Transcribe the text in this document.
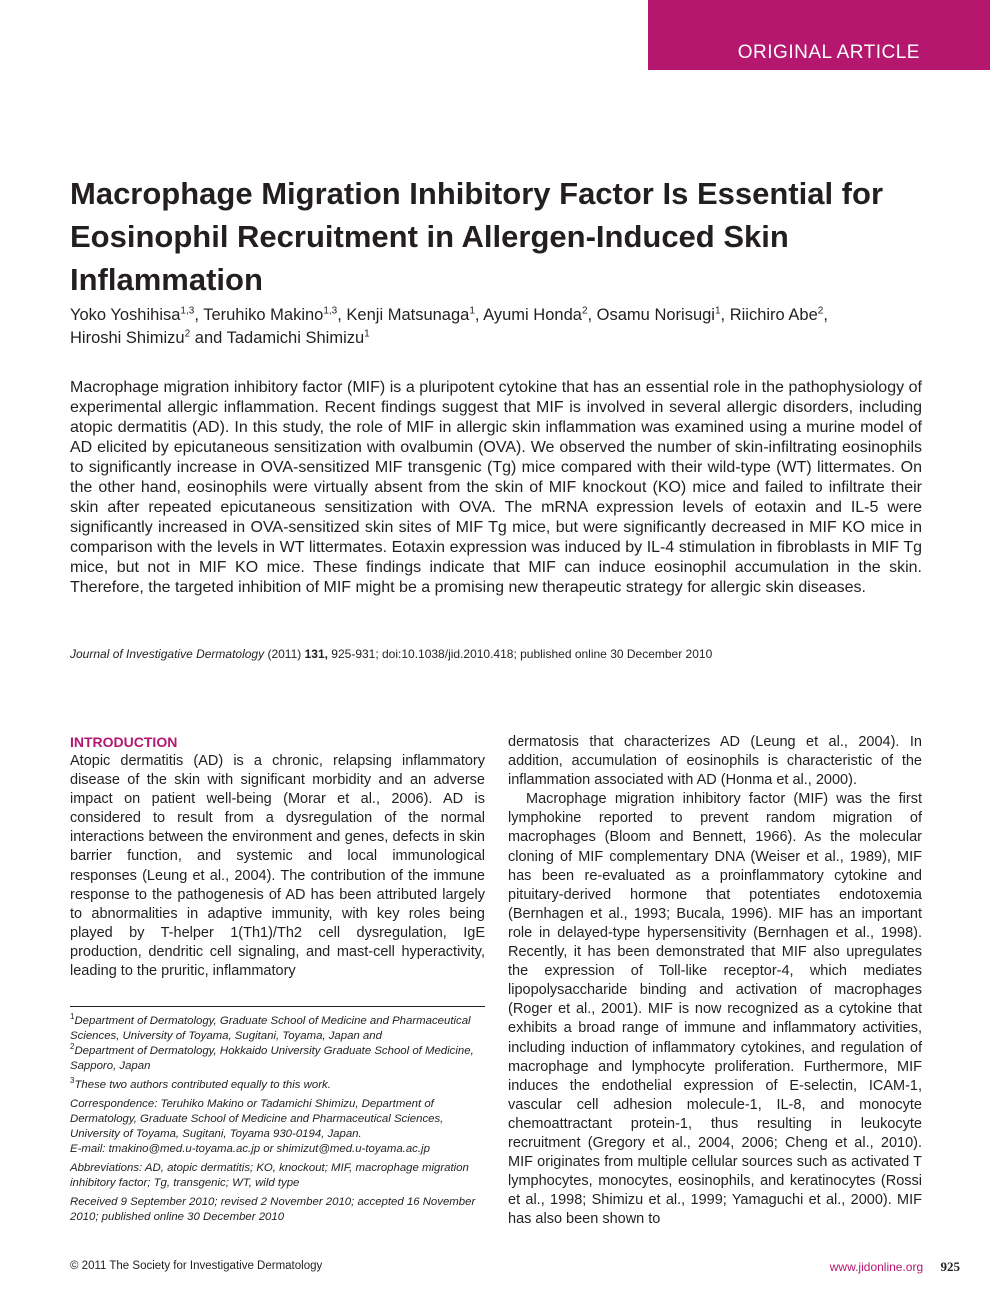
ORIGINAL ARTICLE
Macrophage Migration Inhibitory Factor Is Essential for Eosinophil Recruitment in Allergen-Induced Skin Inflammation

Yoko Yoshihisa$^{1,3}$, Teruhiko Makino$^{1,3}$, Kenji Matsunaga$^1$, Ayumi Honda$^2$, Osamu Norisugi$^1$, Riichiro Abe$^2$,
Hiroshi Shimizu$^2$ and Tadamichi Shimizu$^1$

Macrophage migration inhibitory factor (MIF) is a pluripotent cytokine that has an essential role in the pathophysiology of experimental allergic inflammation. Recent findings suggest that MIF is involved in several allergic disorders, including atopic dermatitis (AD). In this study, the role of MIF in allergic skin inflammation was examined using a murine model of AD elicited by epicutaneous sensitization with ovalbumin (OVA). We observed the number of skin-infiltrating eosinophils to significantly increase in OVA-sensitized MIF transgenic (Tg) mice compared with their wild-type (WT) littermates. On the other hand, eosinophils were virtually absent from the skin of MIF knockout (KO) mice and failed to infiltrate their skin after repeated epicutaneous sensitization with OVA. The mRNA expression levels of eotaxin and IL-5 were significantly increased in OVA-sensitized skin sites of MIF Tg mice, but were significantly decreased in MIF KO mice in comparison with the levels in WT littermates. Eotaxin expression was induced by IL-4 stimulation in fibroblasts in MIF Tg mice, but not in MIF KO mice. These findings indicate that MIF can induce eosinophil accumulation in the skin. Therefore, the targeted inhibition of MIF might be a promising new therapeutic strategy for allergic skin diseases.

Journal of Investigative Dermatology (2011) 131, 925-931; doi:10.1038/jid.2010.418; published online 30 December 2010
INTRODUCTION

Atopic dermatitis (AD) is a chronic, relapsing inflammatory disease of the skin with significant morbidity and an adverse impact on patient well-being (Morar et al., 2006). AD is considered to result from a dysregulation of the normal interactions between the environment and genes, defects in skin barrier function, and systemic and local immunological responses (Leung et al., 2004). The contribution of the immune response to the pathogenesis of AD has been attributed largely to abnormalities in adaptive immunity, with key roles being played by T-helper 1(Th1)/Th2 cell dysregulation, IgE production, dendritic cell signaling, and mast-cell hyperactivity, leading to the pruritic, inflammatory

$^1$Department of Dermatology, Graduate School of Medicine and Pharmaceutical Sciences, University of Toyama, Sugitani, Toyama, Japan and
$^2$Department of Dermatology, Hokkaido University Graduate School of Medicine, Sapporo, Japan

$^3$These two authors contributed equally to this work.

Correspondence: Teruhiko Makino or Tadamichi Shimizu, Department of Dermatology, Graduate School of Medicine and Pharmaceutical Sciences, University of Toyama, Sugitani, Toyama 930-0194, Japan.
E-mail: tmakino@med.u-toyama.ac.jp or shimizut@med.u-toyama.ac.jp

Abbreviations: AD, atopic dermatitis; KO, knockout; MIF, macrophage migration inhibitory factor; Tg, transgenic; WT, wild type

Received 9 September 2010; revised 2 November 2010; accepted 16 November 2010; published online 30 December 2010

dermatosis that characterizes AD (Leung et al., 2004). In addition, accumulation of eosinophils is characteristic of the inflammation associated with AD (Honma et al., 2000).

Macrophage migration inhibitory factor (MIF) was the first lymphokine reported to prevent random migration of macrophages (Bloom and Bennett, 1966). As the molecular cloning of MIF complementary DNA (Weiser et al., 1989), MIF has been re-evaluated as a proinflammatory cytokine and pituitary-derived hormone that potentiates endotoxemia (Bernhagen et al., 1993; Bucala, 1996). MIF has an important role in delayed-type hypersensitivity (Bernhagen et al., 1998). Recently, it has been demonstrated that MIF also upregulates the expression of Toll-like receptor-4, which mediates lipopolysaccharide binding and activation of macrophages (Roger et al., 2001). MIF is now recognized as a cytokine that exhibits a broad range of immune and inflammatory activities, including induction of inflammatory cytokines, and regulation of macrophage and lymphocyte proliferation. Furthermore, MIF induces the endothelial expression of E-selectin, ICAM-1, vascular cell adhesion molecule-1, IL-8, and monocyte chemoattractant protein-1, thus resulting in leukocyte recruitment (Gregory et al., 2004, 2006; Cheng et al., 2010). MIF originates from multiple cellular sources such as activated T lymphocytes, monocytes, eosinophils, and keratinocytes (Rossi et al., 1998; Shimizu et al., 1999; Yamaguchi et al., 2000). MIF has also been shown to

© 2011 The Society for Investigative Dermatology	www.jidonline.org 925
